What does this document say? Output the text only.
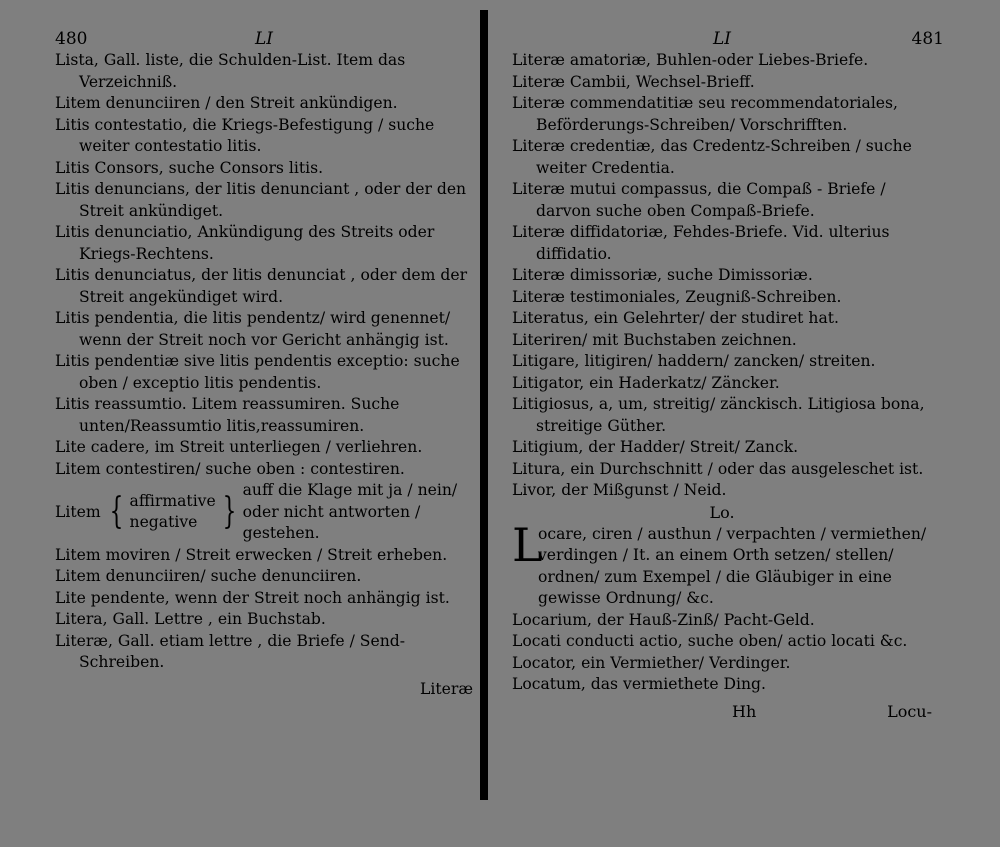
480	LI

Lista, Gall. liste, die Schulden-List. Item das Verzeichniß.

Litem denunciiren / den Streit ankündigen.

Litis contestatio, die Kriegs-Befestigung / suche weiter contestatio litis.

Litis Consors, suche Consors litis.

Litis denuncians, der litis denunciant , oder der den Streit ankündiget.

Litis denunciatio, Ankündigung des Streits oder Kriegs-Rechtens.

Litis denunciatus, der litis denunciat , oder dem der Streit angekündiget wird.

Litis pendentia, die litis pendentz/ wird genennet/ wenn der Streit noch vor Gericht anhängig ist.

Litis pendentiæ sive litis pendentis exceptio: suche oben / exceptio litis pendentis.

Litis reassumtio. Litem reassumiren. Suche unten/Reassumtio litis,reassumiren.

Lite cadere, im Streit unterliegen / verliehren.

Litem contestiren/ suche oben : contestiren.

Litem { affirmative
negative }
auff die Klage mit ja / nein/ oder nicht antworten / gestehen.

Litem moviren / Streit erwecken / Streit erheben.

Litem denunciiren/ suche denunciiren.

Lite pendente, wenn der Streit noch anhängig ist.

Litera, Gall. Lettre , ein Buchstab.

Literæ, Gall. etiam lettre , die Briefe / Send-Schreiben.

Literæ
LI	481

Literæ amatoriæ, Buhlen-oder Liebes-Briefe.

Literæ Cambii, Wechsel-Brieff.

Literæ commendatitiæ seu recommendatoriales, Beförderungs-Schreiben/ Vorschrifften.

Literæ credentiæ, das Credentz-Schreiben / suche weiter Credentia.

Literæ mutui compassus, die Compaß - Briefe / darvon suche oben Compaß-Briefe.

Literæ diffidatoriæ, Fehdes-Briefe. Vid. ulterius diffidatio.

Literæ dimissoriæ, suche Dimissoriæ.

Literæ testimoniales, Zeugniß-Schreiben.

Literatus, ein Gelehrter/ der studiret hat.

Literiren/ mit Buchstaben zeichnen.

Litigare, litigiren/ haddern/ zancken/ streiten.

Litigator, ein Haderkatz/ Zäncker.

Litigiosus, a, um, streitig/ zänckisch. Litigiosa bona, streitige Güther.

Litigium, der Hadder/ Streit/ Zanck.

Litura, ein Durchschnitt / oder das ausgeleschet ist.

Livor, der Mißgunst / Neid.

Lo.
L
ocare, ciren / austhun / verpachten / vermiethen/ verdingen / It. an einem Orth setzen/ stellen/ ordnen/ zum Exempel / die Gläubiger in eine gewisse Ordnung/ &c.

Locarium, der Hauß-Zinß/ Pacht-Geld.

Locati conducti actio, suche oben/ actio locati &c.

Locator, ein Vermiether/ Verdinger.

Locatum, das vermiethete Ding.

Hh	Locu-
